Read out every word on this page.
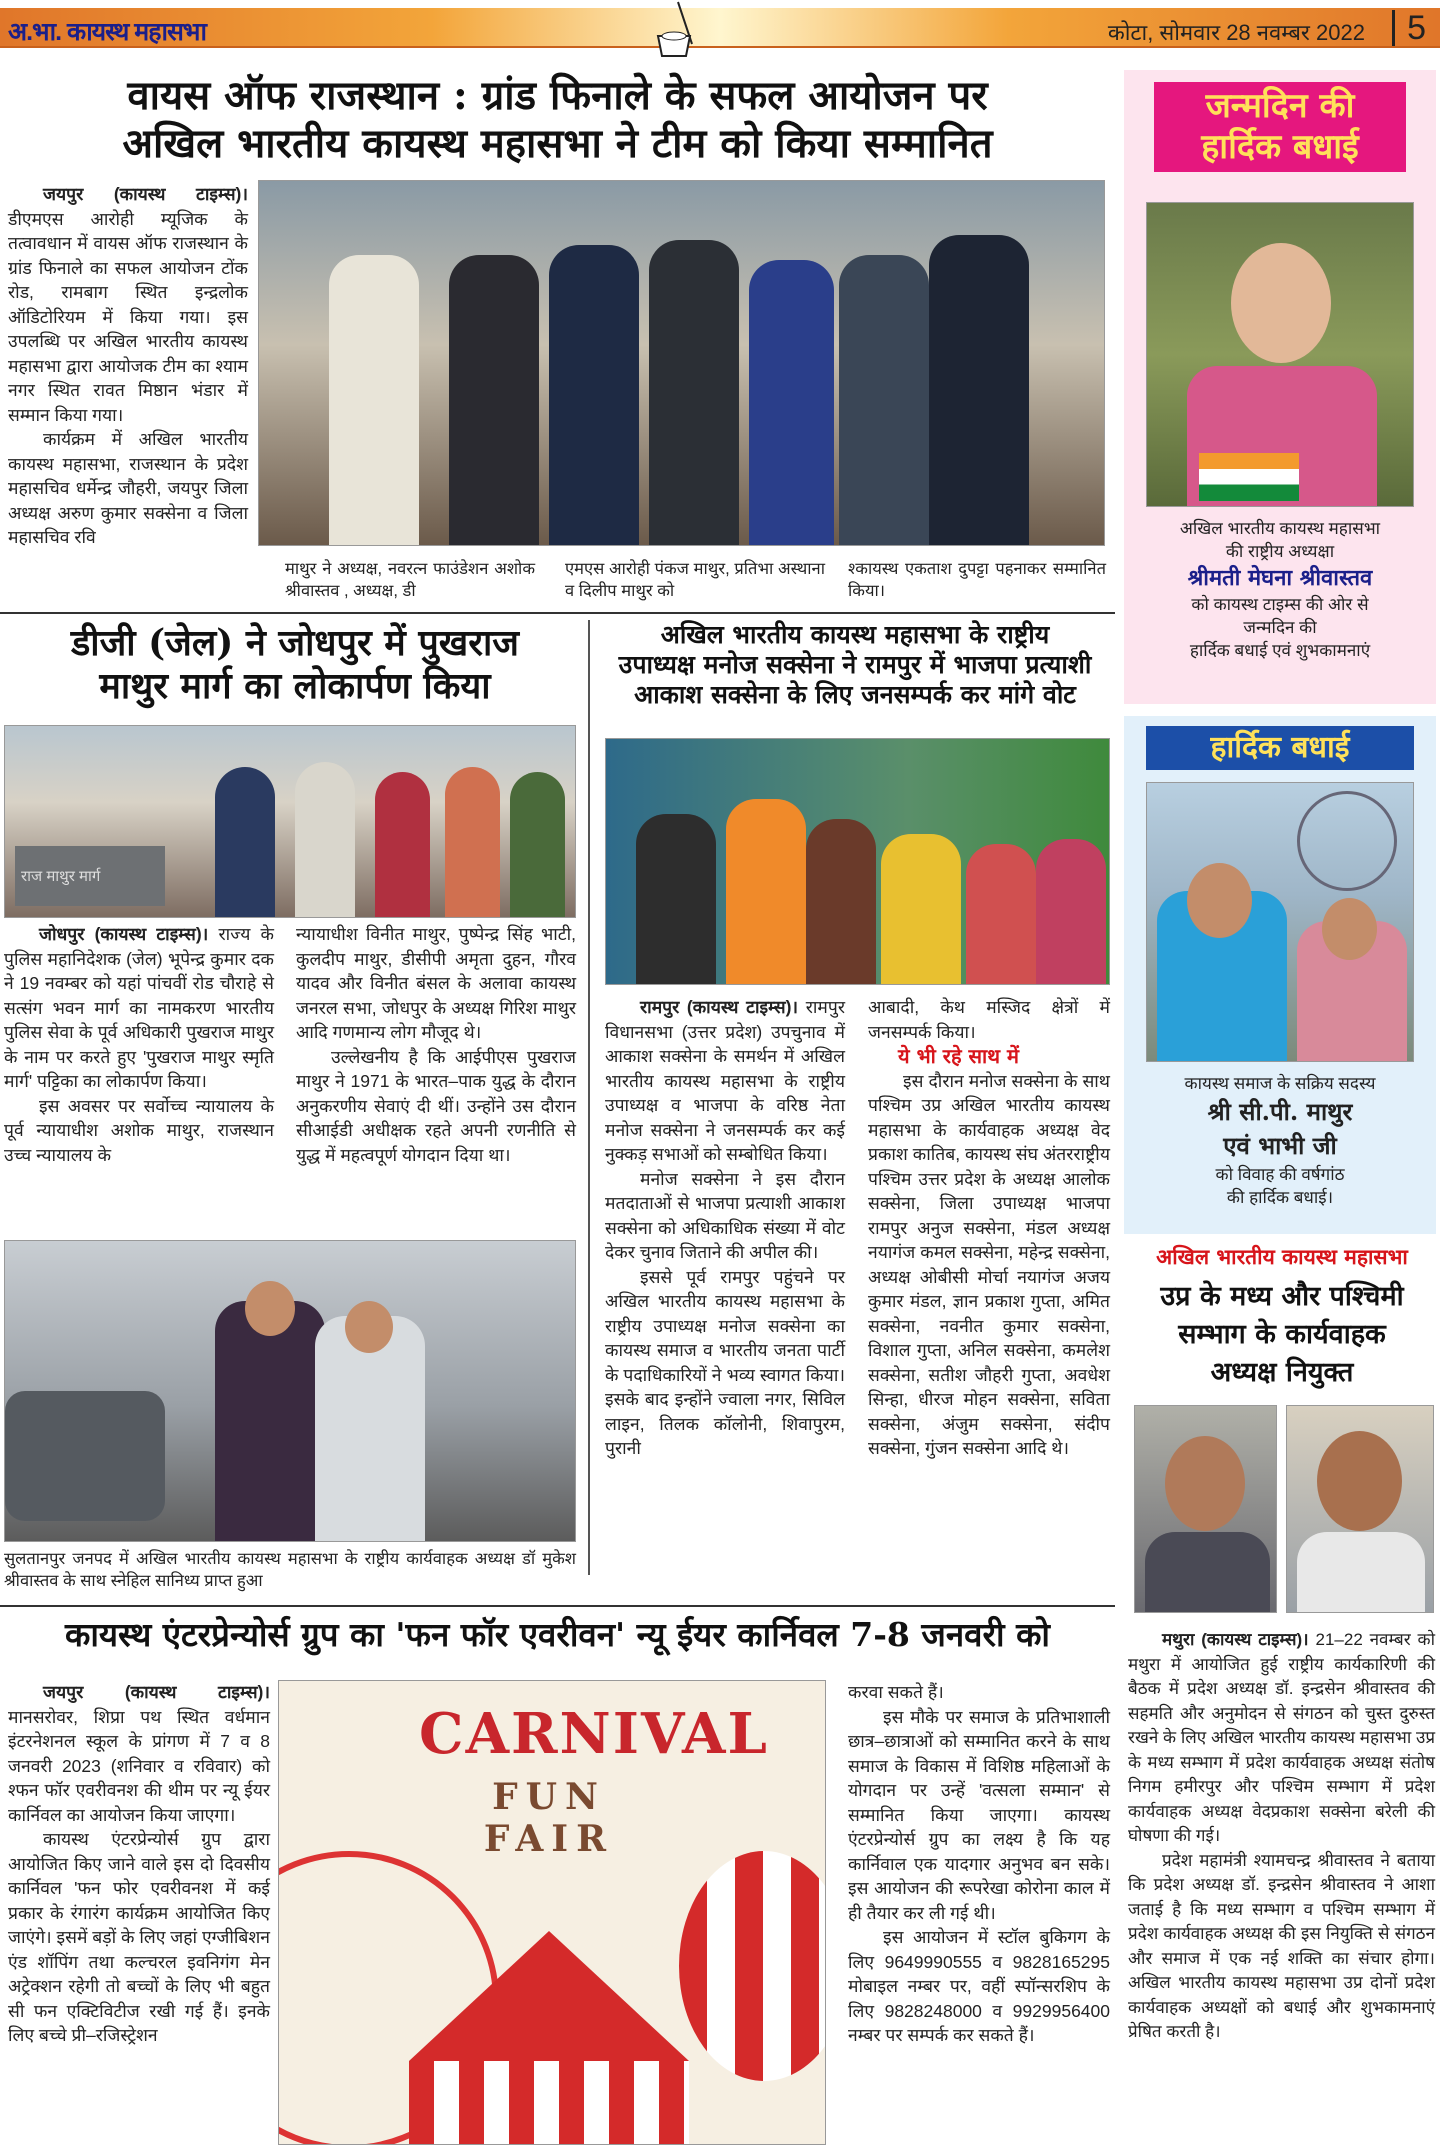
अ.भा. कायस्थ महासभा	कोटा, सोमवार 28 नवम्बर 2022	5
वायस ऑफ राजस्थान : ग्रांड फिनाले के सफल आयोजन पर
अखिल भारतीय कायस्थ महासभा ने टीम को किया सम्मानित

जयपुर (कायस्थ टाइम्स)। डीएमएस आरोही म्यूजिक के तत्वावधान में वायस ऑफ राजस्थान के ग्रांड फिनाले का सफल आयोजन टोंक रोड, रामबाग स्थित इन्द्रलोक ऑडिटोरियम में किया गया। इस उपलब्धि पर अखिल भारतीय कायस्थ महासभा द्वारा आयोजक टीम का श्याम नगर स्थित रावत मिष्ठान भंडार में सम्मान किया गया।

कार्यक्रम में अखिल भारतीय कायस्थ महासभा, राजस्थान के प्रदेश महासचिव धर्मेन्द्र जौहरी, जयपुर जिला अध्यक्ष अरुण कुमार सक्सेना व जिला महासचिव रवि

माथुर ने अध्यक्ष, नवरत्न फाउंडेशन अशोक श्रीवास्तव , अध्यक्ष, डी
एमएस आरोही पंकज माथुर, प्रतिभा अस्थाना व दिलीप माथुर को
श्कायस्थ एकताश दुपट्टा पहनाकर सम्मानित किया।
डीजी (जेल) ने जोधपुर में पुखराज
माथुर मार्ग का लोकार्पण किया
राज माथुर मार्ग

जोधपुर (कायस्थ टाइम्स)। राज्य के पुलिस महानिदेशक (जेल) भूपेन्द्र कुमार दक ने 19 नवम्बर को यहां पांचवीं रोड चौराहे से सत्संग भवन मार्ग का नामकरण भारतीय पुलिस सेवा के पूर्व अधिकारी पुखराज माथुर के नाम पर करते हुए 'पुखराज माथुर स्मृति मार्ग' पट्टिका का लोकार्पण किया।

इस अवसर पर सर्वोच्च न्यायालय के पूर्व न्यायाधीश अशोक माथुर, राजस्थान उच्च न्यायालय के

न्यायाधीश विनीत माथुर, पुष्पेन्द्र सिंह भाटी, कुलदीप माथुर, डीसीपी अमृता दुहन, गौरव यादव और विनीत बंसल के अलावा कायस्थ जनरल सभा, जोधपुर के अध्यक्ष गिरिश माथुर आदि गणमान्य लोग मौजूद थे।

उल्लेखनीय है कि आईपीएस पुखराज माथुर ने 1971 के भारत–पाक युद्ध के दौरान अनुकरणीय सेवाएं दी थीं। उन्होंने उस दौरान सीआईडी अधीक्षक रहते अपनी रणनीति से युद्ध में महत्वपूर्ण योगदान दिया था।

अखिल भारतीय कायस्थ महासभा के राष्ट्रीय
उपाध्यक्ष मनोज सक्सेना ने रामपुर में भाजपा प्रत्याशी
आकाश सक्सेना के लिए जनसम्पर्क कर मांगे वोट

रामपुर (कायस्थ टाइम्स)। रामपुर विधानसभा (उत्तर प्रदेश) उपचुनाव में आकाश सक्सेना के समर्थन में अखिल भारतीय कायस्थ महासभा के राष्ट्रीय उपाध्यक्ष व भाजपा के वरिष्ठ नेता मनोज सक्सेना ने जनसम्पर्क कर कई नुक्कड़ सभाओं को सम्बोधित किया।

मनोज सक्सेना ने इस दौरान मतदाताओं से भाजपा प्रत्याशी आकाश सक्सेना को अधिकाधिक संख्या में वोट देकर चुनाव जिताने की अपील की।

इससे पूर्व रामपुर पहुंचने पर अखिल भारतीय कायस्थ महासभा के राष्ट्रीय उपाध्यक्ष मनोज सक्सेना का कायस्थ समाज व भारतीय जनता पार्टी के पदाधिकारियों ने भव्य स्वागत किया। इसके बाद इन्होंने ज्वाला नगर, सिविल लाइन, तिलक कॉलोनी, शिवापुरम, पुरानी

आबादी, केथ मस्जिद क्षेत्रों में जनसम्पर्क किया।

ये भी रहे साथ में

इस दौरान मनोज सक्सेना के साथ पश्चिम उप्र अखिल भारतीय कायस्थ महासभा के कार्यवाहक अध्यक्ष वेद प्रकाश कातिब, कायस्थ संघ अंतरराष्ट्रीय पश्चिम उत्तर प्रदेश के अध्यक्ष आलोक सक्सेना, जिला उपाध्यक्ष भाजपा रामपुर अनुज सक्सेना, मंडल अध्यक्ष नयागंज कमल सक्सेना, महेन्द्र सक्सेना, अध्यक्ष ओबीसी मोर्चा नयागंज अजय कुमार मंडल, ज्ञान प्रकाश गुप्ता, अमित सक्सेना, नवनीत कुमार सक्सेना, विशाल गुप्ता, अनिल सक्सेना, कमलेश सक्सेना, सतीश जौहरी गुप्ता, अवधेश सिन्हा, धीरज मोहन सक्सेना, सविता सक्सेना, अंजुम सक्सेना, संदीप सक्सेना, गुंजन सक्सेना आदि थे।

सुलतानपुर जनपद में अखिल भारतीय कायस्थ महासभा के राष्ट्रीय कार्यवाहक अध्यक्ष डॉ मुकेश श्रीवास्तव के साथ स्नेहिल सानिध्य प्राप्त हुआ
कायस्थ एंटरप्रेन्योर्स ग्रुप का 'फन फॉर एवरीवन' न्यू ईयर कार्निवल 7-8 जनवरी को

जयपुर (कायस्थ टाइम्स)। मानसरोवर, शिप्रा पथ स्थित वर्धमान इंटरनेशनल स्कूल के प्रांगण में 7 व 8 जनवरी 2023 (शनिवार व रविवार) को श्फन फॉर एवरीवनश की थीम पर न्यू ईयर कार्निवल का आयोजन किया जाएगा।

कायस्थ एंटरप्रेन्योर्स ग्रुप द्वारा आयोजित किए जाने वाले इस दो दिवसीय कार्निवल 'फन फोर एवरीवनश में कई प्रकार के रंगारंग कार्यक्रम आयोजित किए जाएंगे। इसमें बड़ों के लिए जहां एग्जीबिशन एंड शॉपिंग तथा कल्चरल इवनिगंग मेन अट्रेक्शन रहेगी तो बच्चों के लिए भी बहुत सी फन एक्टिविटीज रखी गई हैं। इनके लिए बच्चे प्री–रजिस्ट्रेशन

CARNIVAL
FUN FAIR

करवा सकते हैं।

इस मौके पर समाज के प्रतिभाशाली छात्र–छात्राओं को सम्मानित करने के साथ समाज के विकास में विशिष्ठ महिलाओं के योगदान पर उन्हें 'वत्सला सम्मान' से सम्मानित किया जाएगा। कायस्थ एंटरप्रेन्योर्स ग्रुप का लक्ष्य है कि यह कार्निवाल एक यादगार अनुभव बन सके। इस आयोजन की रूपरेखा कोरोना काल में ही तैयार कर ली गई थी।

इस आयोजन में स्टॉल बुकिगग के लिए 9649990555 व 9828165295 मोबाइल नम्बर पर, वहीं स्पॉन्सरशिप के लिए 9828248000 व 9929956400 नम्बर पर सम्पर्क कर सकते हैं।

जन्मदिन की
हार्दिक बधाई
अखिल भारतीय कायस्थ महासभा
की राष्ट्रीय अध्यक्षा
श्रीमती मेघना श्रीवास्तव
को कायस्थ टाइम्स की ओर से
जन्मदिन की
हार्दिक बधाई एवं शुभकामनाएं
हार्दिक बधाई
कायस्थ समाज के सक्रिय सदस्य
श्री सी.पी. माथुर
एवं भाभी जी
को विवाह की वर्षगांठ
की हार्दिक बधाई।
अखिल भारतीय कायस्थ महासभा
उप्र के मध्य और पश्चिमी
सम्भाग के कार्यवाहक
अध्यक्ष नियुक्त

मथुरा (कायस्थ टाइम्स)। 21–22 नवम्बर को मथुरा में आयोजित हुई राष्ट्रीय कार्यकारिणी की बैठक में प्रदेश अध्यक्ष डॉ. इन्द्रसेन श्रीवास्तव की सहमति और अनुमोदन से संगठन को चुस्त दुरुस्त रखने के लिए अखिल भारतीय कायस्थ महासभा उप्र के मध्य सम्भाग में प्रदेश कार्यवाहक अध्यक्ष संतोष निगम हमीरपुर और पश्चिम सम्भाग में प्रदेश कार्यवाहक अध्यक्ष वेदप्रकाश सक्सेना बरेली की घोषणा की गई।

प्रदेश महामंत्री श्यामचन्द्र श्रीवास्तव ने बताया कि प्रदेश अध्यक्ष डॉ. इन्द्रसेन श्रीवास्तव ने आशा जताई है कि मध्य सम्भाग व पश्चिम सम्भाग में प्रदेश कार्यवाहक अध्यक्ष की इस नियुक्ति से संगठन और समाज में एक नई शक्ति का संचार होगा। अखिल भारतीय कायस्थ महासभा उप्र दोनों प्रदेश कार्यवाहक अध्यक्षों को बधाई और शुभकामनाएं प्रेषित करती है।
